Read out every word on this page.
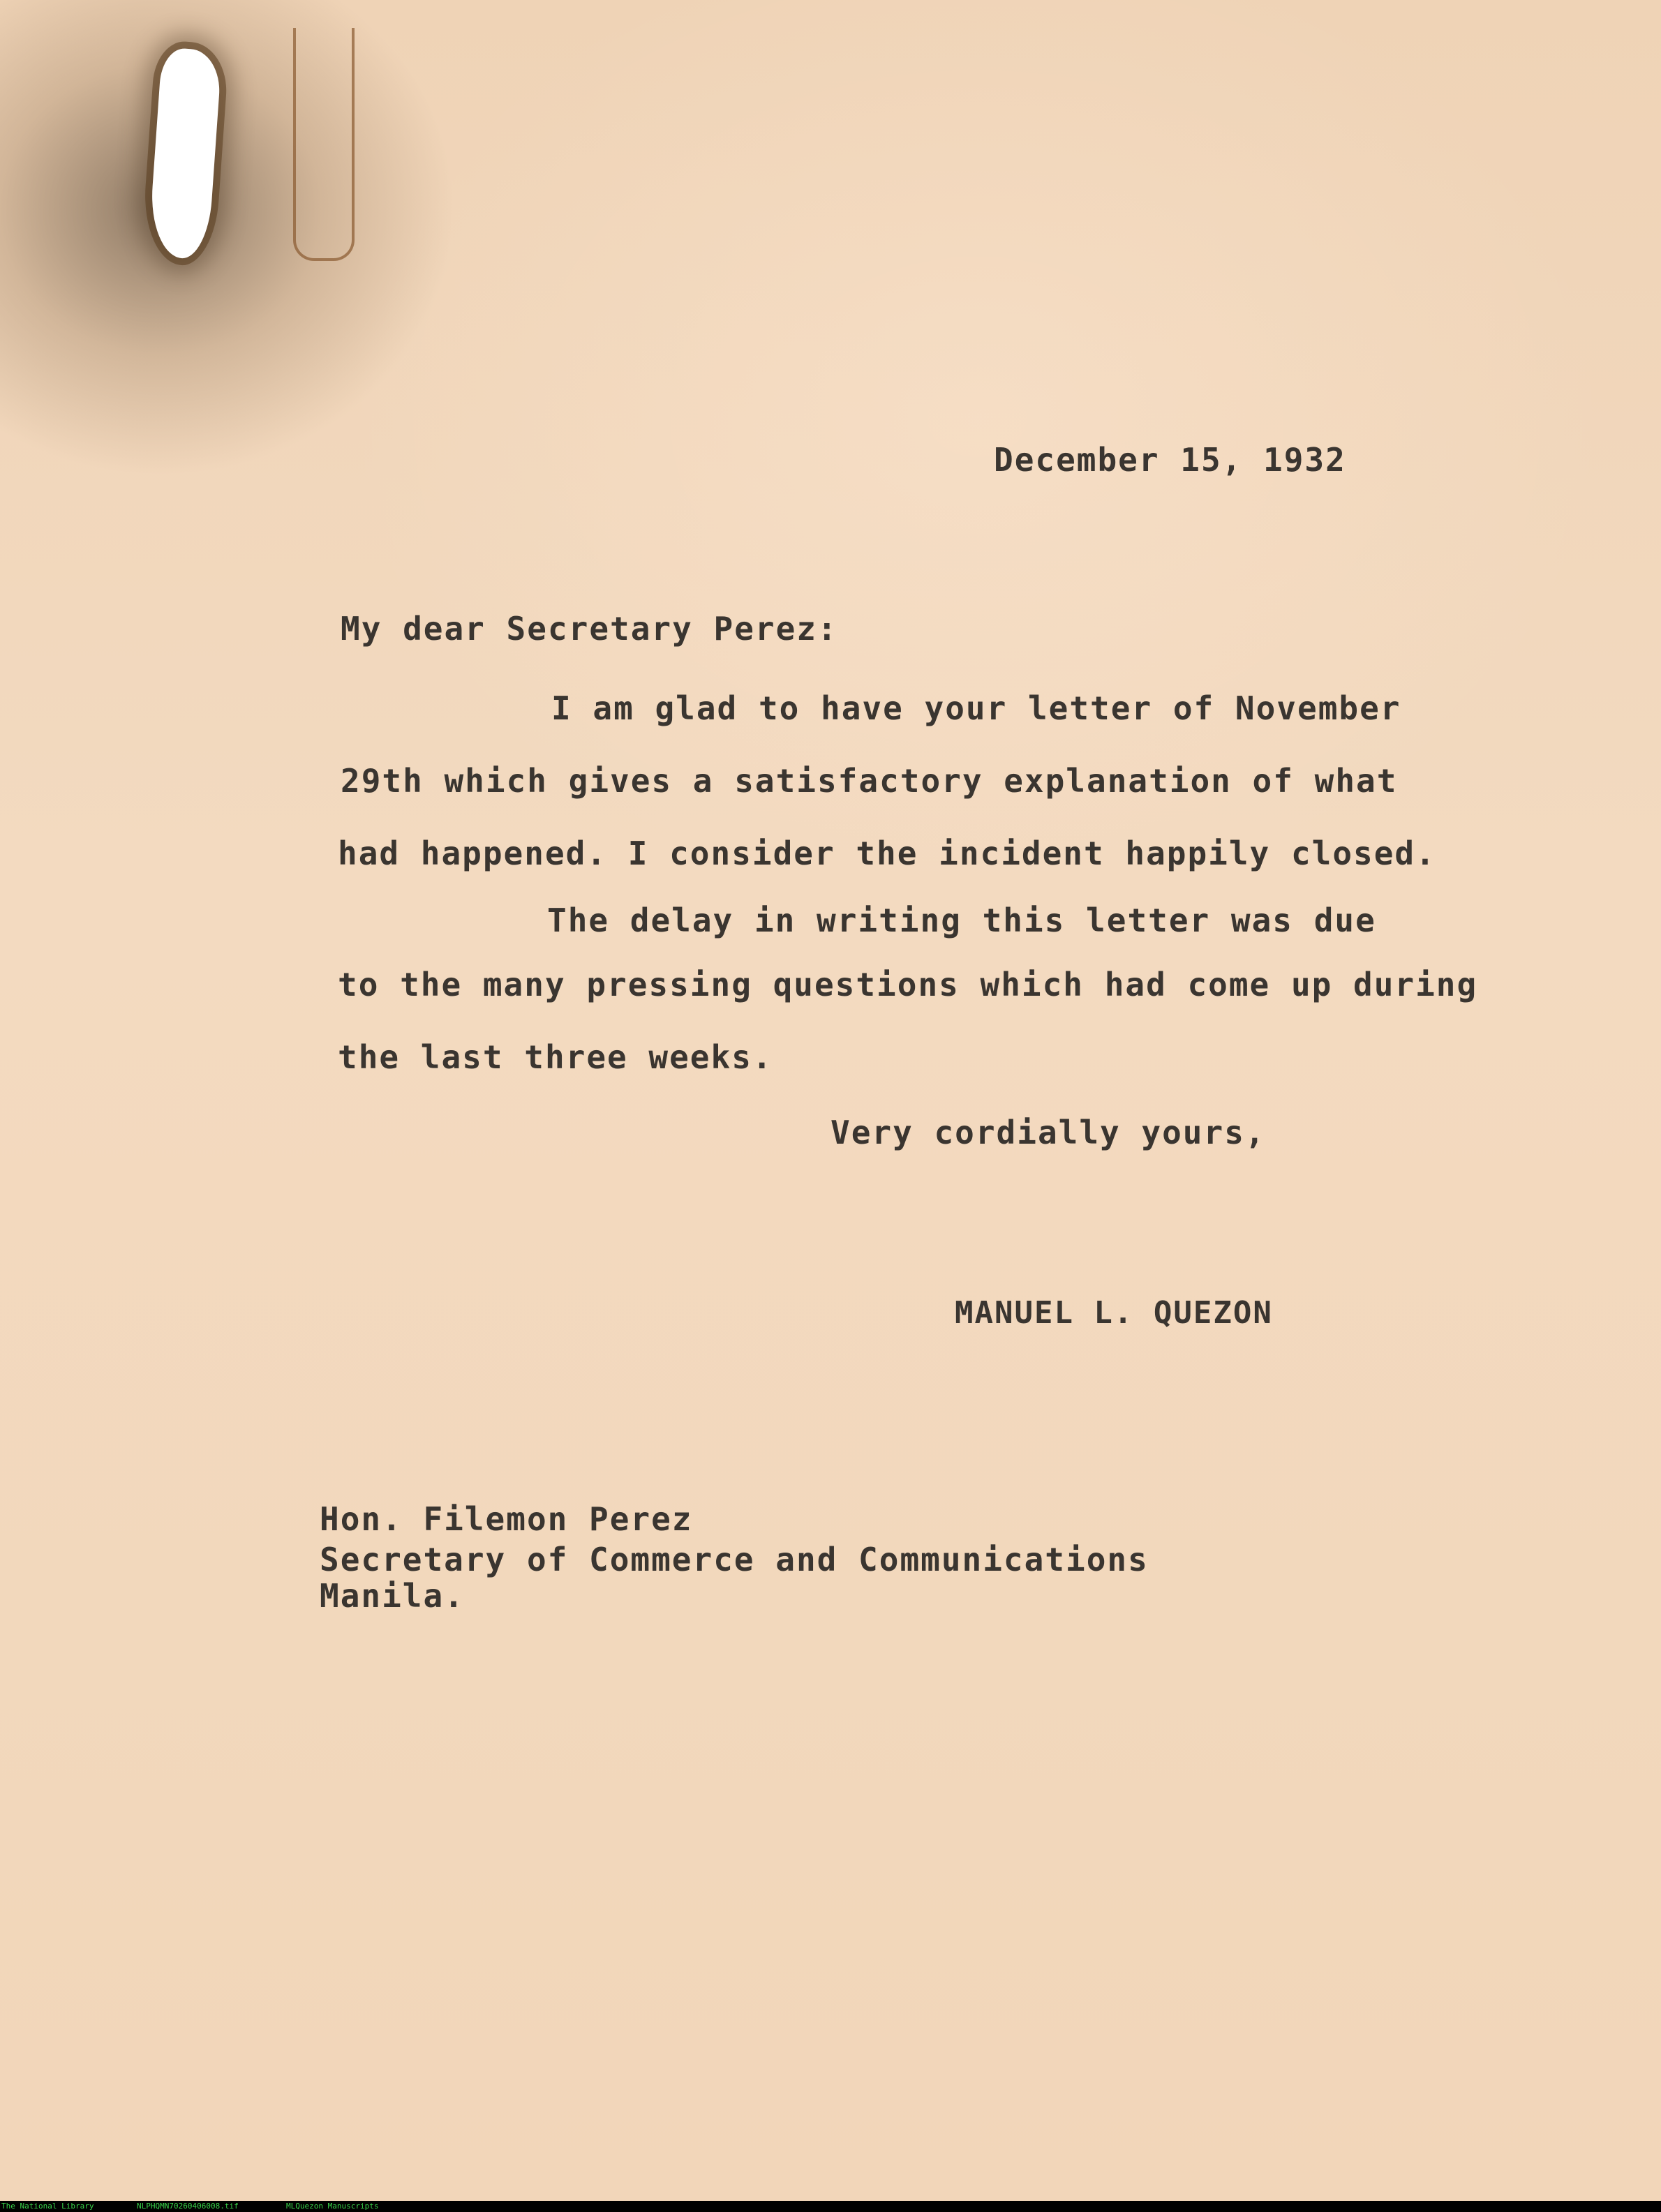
December 15, 1932
My dear Secretary Perez:
I am glad to have your letter of November
29th which gives a satisfactory explanation of what
had happened. I consider the incident happily closed.
The delay in writing this letter was due
to the many pressing questions which had come up during
the last three weeks.
Very cordially yours,
MANUEL L. QUEZON
Hon. Filemon Perez
Secretary of Commerce and Communications
Manila.
The National Library	NLPHQMN70260406008.tif	MLQuezon Manuscripts
